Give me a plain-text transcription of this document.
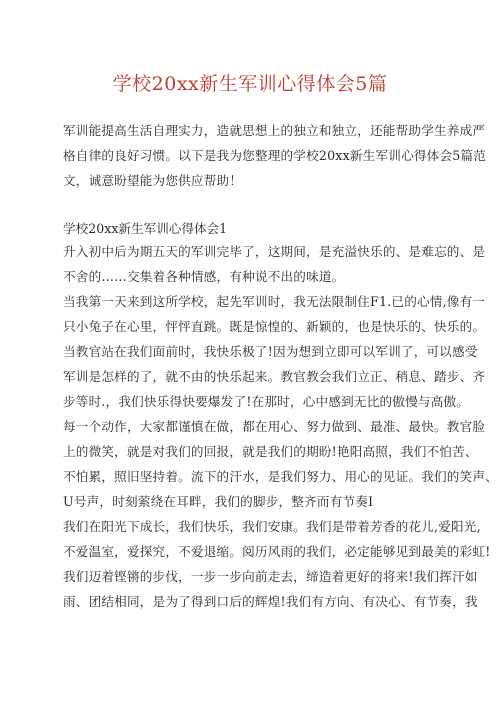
学校20xx新生军训心得体会5篇
军训能提高生活自理实力，造就思想上的独立和独立，还能帮助学生养成严
格自律的良好习惯。以下是我为您整理的学校20xx新生军训心得体会5篇范
文，诚意盼望能为您供应帮助！
学校20xx新生军训心得体会1
升入初中后为期五天的军训完毕了，这期间，是充溢快乐的、是难忘的、是
不舍的……交集着各种情感，有种说不出的味道。
当我第一天来到这所学校，起先军训时，我无法限制住F1.已的心情,像有一
只小兔子在心里，怦怦直跳。既是惊惶的、新颖的，也是快乐的、快乐的。
当教官站在我们面前时，我快乐极了!因为想到立即可以军训了，可以感受
军训是怎样的了，就不由的快乐起来。教官教会我们立正、稍息、踏步、齐
步等时.，我们快乐得快要爆发了!在那时，心中感到无比的傲慢与高傲。
每一个动作，大家都谨慎在做，都在用心、努力做到、最准、最快。教官脸
上的微笑，就是对我们的回报，就是我们的期盼!艳阳高照，我们不怕苦、
不怕累，照旧坚持着。流下的汗水，是我们努力、用心的见证。我们的笑声、
U号声，时刻萦绕在耳畔，我们的脚步，整齐而有节奏I
我们在阳光下成长，我们快乐，我们安康。我们是带着芳香的花儿,爱阳光,
不爱温室，爱探究，不爱退缩。阅历风雨的我们，必定能够见到最美的彩虹!
我们迈着铿锵的步伐，一步一步向前走去，缔造着更好的将来!我们挥汗如
雨、团结相同，是为了得到口后的辉煌!我们有方向、有决心、有节奏，我
